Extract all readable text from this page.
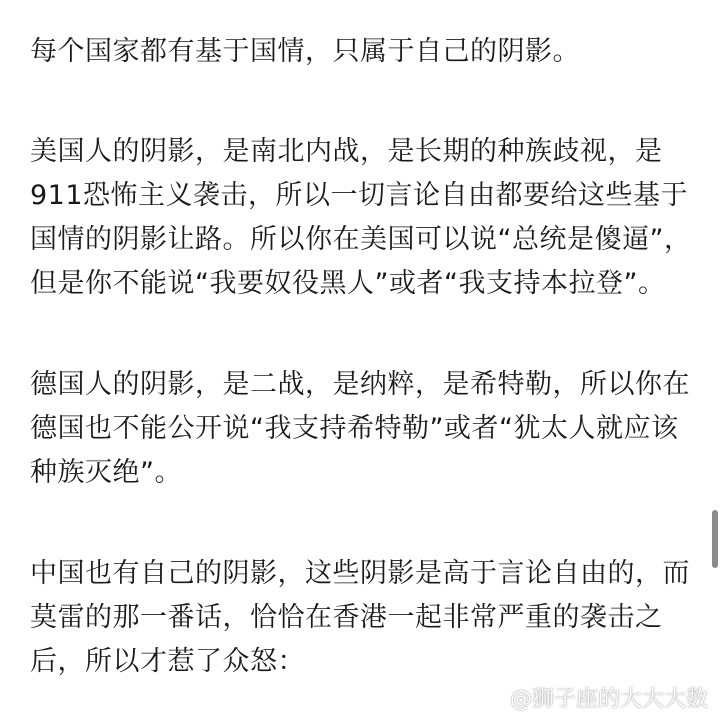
每个国家都有基于国情，只属于自己的阴影。
美国人的阴影，是南北内战，是长期的种族歧视，是
911恐怖主义袭击，所以一切言论自由都要给这些基于
国情的阴影让路。所以你在美国可以说“总统是傻逼”，
但是你不能说“我要奴役黑人”或者“我支持本拉登”。
德国人的阴影，是二战，是纳粹，是希特勒，所以你在
德国也不能公开说“我支持希特勒”或者“犹太人就应该
种族灭绝”。
中国也有自己的阴影，这些阴影是高于言论自由的，而
莫雷的那一番话，恰恰在香港一起非常严重的袭击之
后，所以才惹了众怒：
@狮子座的大大大数
